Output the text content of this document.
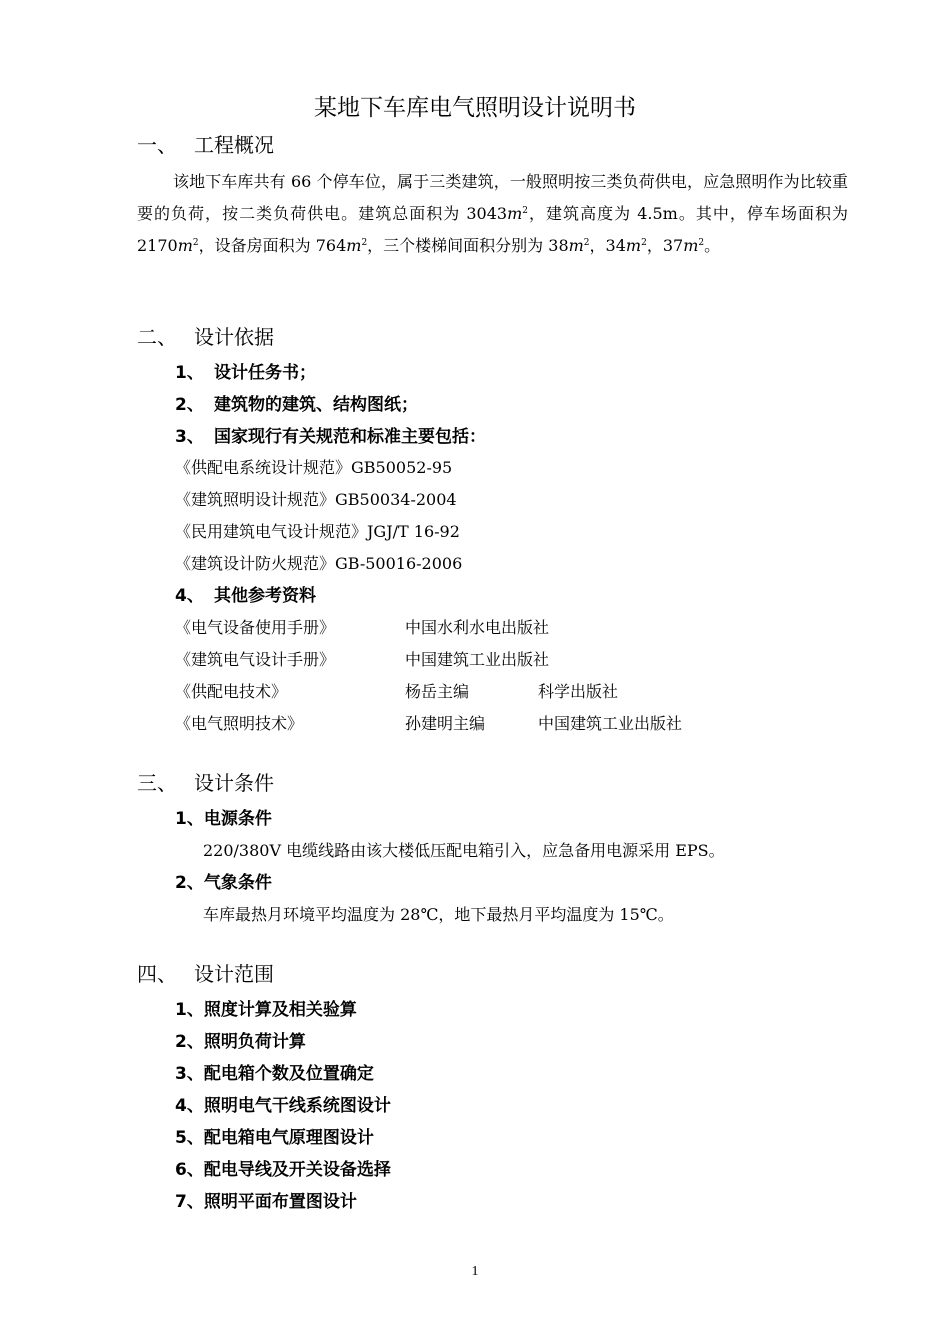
某地下车库电气照明设计说明书
一、 工程概况

该地下车库共有 66 个停车位，属于三类建筑，一般照明按三类负荷供电，应急照明作为比较重要的负荷，按二类负荷供电。建筑总面积为 $3043m^2$，建筑高度为 4.5m。其中，停车场面积为 $2170m^2$，设备房面积为 $764m^2$，三个楼梯间面积分别为 $38m^2$，$34m^2$，$37m^2$。

二、 设计依据
1、 设计任务书；
2、 建筑物的建筑、结构图纸；
3、 国家现行有关规范和标准主要包括：
《供配电系统设计规范》GB50052-95
《建筑照明设计规范》GB50034-2004
《民用建筑电气设计规范》JGJ/T 16-92
《建筑设计防火规范》GB-50016-2006
4、 其他参考资料
《电气设备使用手册》	中国水利水电出版社
《建筑电气设计手册》	中国建筑工业出版社
《供配电技术》	杨岳主编	科学出版社
《电气照明技术》	孙建明主编	中国建筑工业出版社
三、 设计条件
1、电源条件
220/380V 电缆线路由该大楼低压配电箱引入，应急备用电源采用 EPS。
2、气象条件
车库最热月环境平均温度为 28℃，地下最热月平均温度为 15℃。
四、 设计范围
1、照度计算及相关验算
2、照明负荷计算
3、配电箱个数及位置确定
4、照明电气干线系统图设计
5、配电箱电气原理图设计
6、配电导线及开关设备选择
7、照明平面布置图设计
1
